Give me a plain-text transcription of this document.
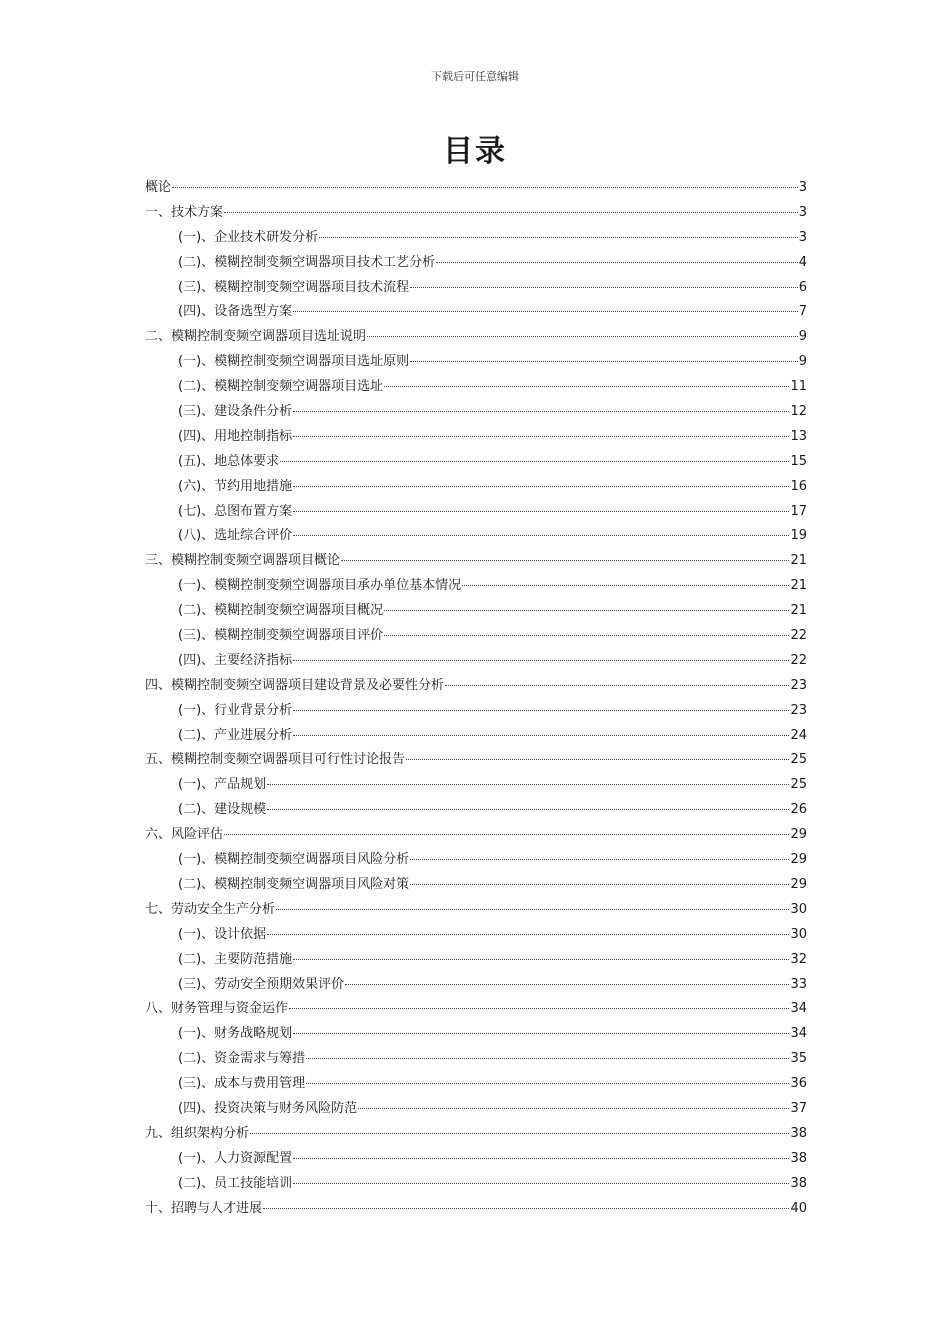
下载后可任意编辑
目录
概论	3
一、技术方案	3
(一)、企业技术研发分析	3
(二)、模糊控制变频空调器项目技术工艺分析	4
(三)、模糊控制变频空调器项目技术流程	6
(四)、设备选型方案	7
二、模糊控制变频空调器项目选址说明	9
(一)、模糊控制变频空调器项目选址原则	9
(二)、模糊控制变频空调器项目选址	11
(三)、建设条件分析	12
(四)、用地控制指标	13
(五)、地总体要求	15
(六)、节约用地措施	16
(七)、总图布置方案	17
(八)、选址综合评价	19
三、模糊控制变频空调器项目概论	21
(一)、模糊控制变频空调器项目承办单位基本情况	21
(二)、模糊控制变频空调器项目概况	21
(三)、模糊控制变频空调器项目评价	22
(四)、主要经济指标	22
四、模糊控制变频空调器项目建设背景及必要性分析	23
(一)、行业背景分析	23
(二)、产业进展分析	24
五、模糊控制变频空调器项目可行性讨论报告	25
(一)、产品规划	25
(二)、建设规模	26
六、风险评估	29
(一)、模糊控制变频空调器项目风险分析	29
(二)、模糊控制变频空调器项目风险对策	29
七、劳动安全生产分析	30
(一)、设计依据	30
(二)、主要防范措施	32
(三)、劳动安全预期效果评价	33
八、财务管理与资金运作	34
(一)、财务战略规划	34
(二)、资金需求与筹措	35
(三)、成本与费用管理	36
(四)、投资决策与财务风险防范	37
九、组织架构分析	38
(一)、人力资源配置	38
(二)、员工技能培训	38
十、招聘与人才进展	40
